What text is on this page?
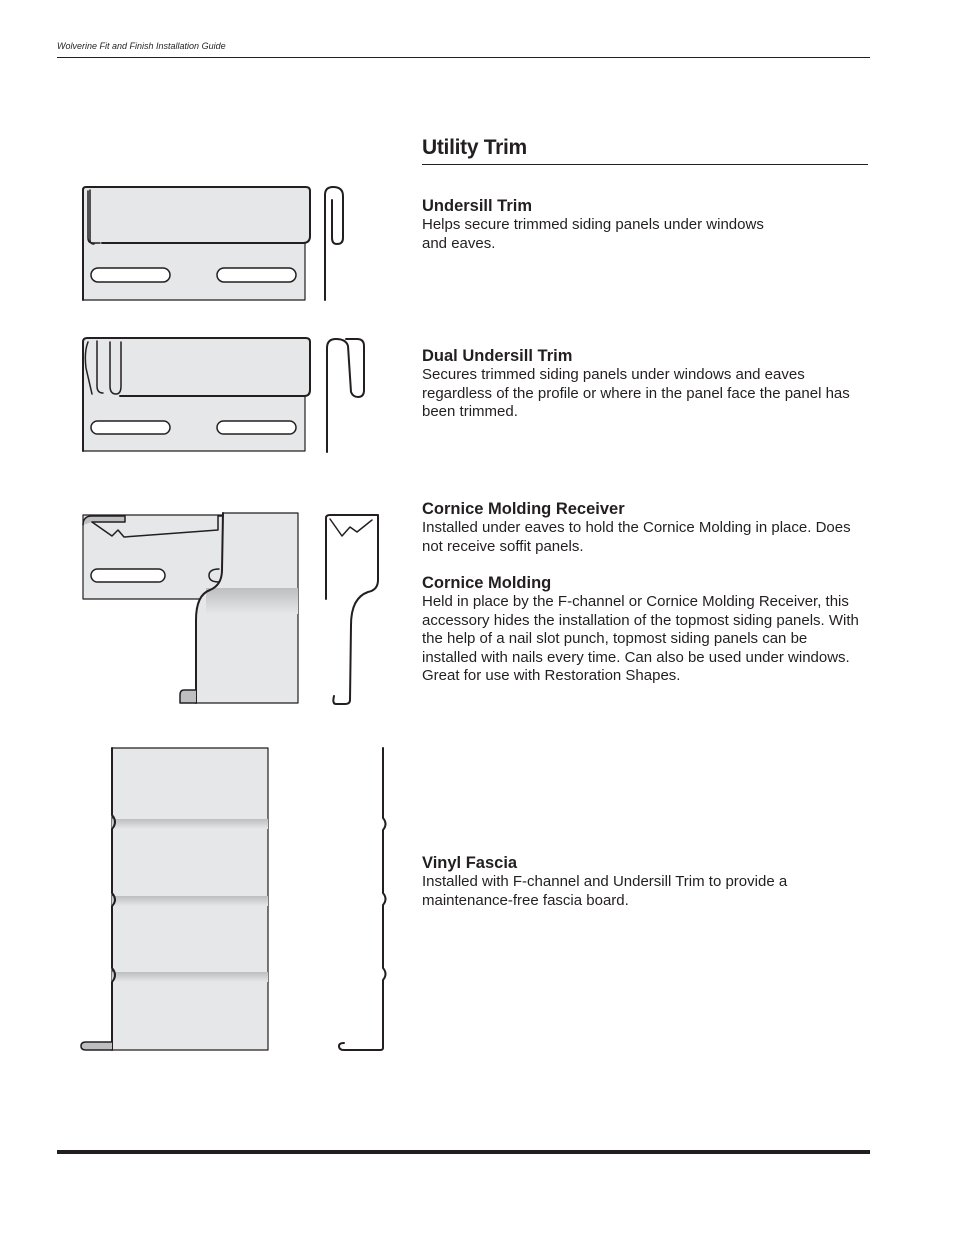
Wolverine Fit and Finish Installation Guide
Utility Trim
Undersill Trim

Helps secure trimmed siding panels under windows
and eaves.

Dual Undersill Trim

Secures trimmed siding panels under windows and eaves regardless of the profile or where in the panel face the panel has been trimmed.

Cornice Molding Receiver

Installed under eaves to hold the Cornice Molding in place. Does not receive soffit panels.

Cornice Molding

Held in place by the F-channel or Cornice Molding Receiver, this accessory hides the installation of the topmost siding panels. With the help of a nail slot punch, topmost siding panels can be installed with nails every time. Can also be used under windows. Great for use with Restoration Shapes.

Vinyl Fascia

Installed with F-channel and Undersill Trim to provide a maintenance-free fascia board.
